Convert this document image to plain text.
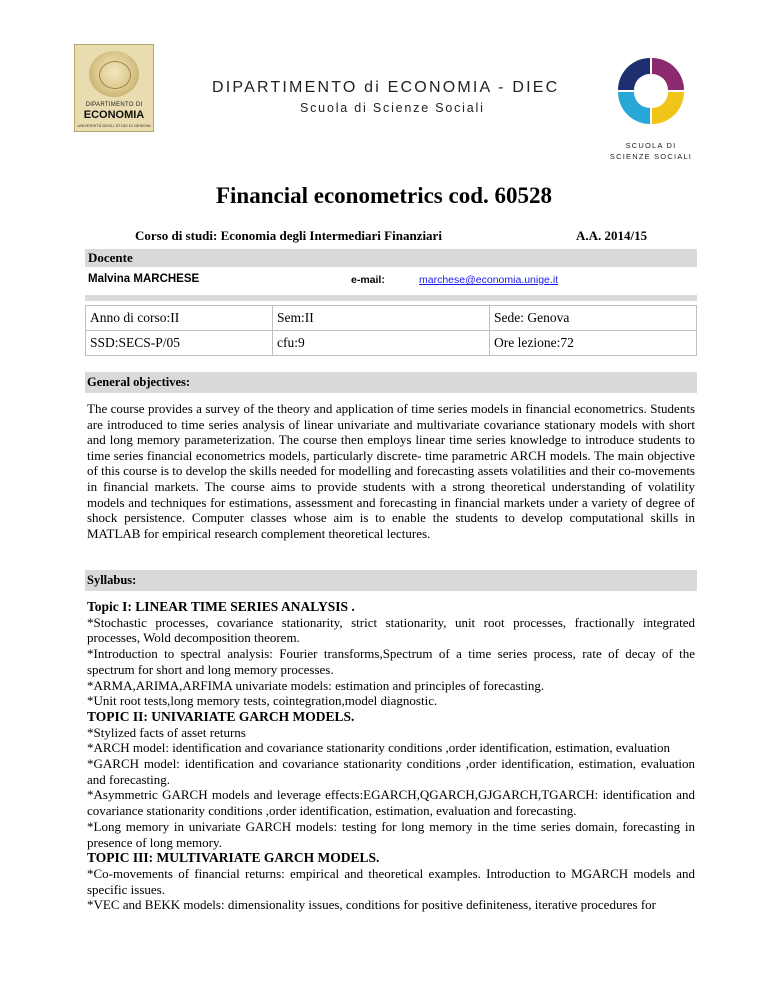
DIPARTIMENTO DI
ECONOMIA
UNIVERSITÀ DEGLI STUDI DI GENOVA
DIPARTIMENTO di ECONOMIA - DIEC
Scuola di Scienze Sociali
SCUOLA DI
SCIENZE SOCIALI
Financial econometrics cod. 60528
Corso di studi: Economia degli Intermediari Finanziari	A.A. 2014/15
Docente
Malvina MARCHESE	e-mail:	marchese@economia.unige.it
Anno di corso:II	Sem:II	Sede: Genova
SSD:SECS-P/05	cfu:9	Ore lezione:72
General objectives:
The course provides a survey of the theory and application of time series models in financial econometrics. Students are introduced to time series analysis of linear univariate and multivariate covariance stationary models with short and long memory parameterization. The course then employs linear time series knowledge to introduce students to time series financial econometrics models, particularly discrete- time parametric ARCH models. The main objective of this course is to develop the skills needed for modelling and forecasting assets volatilities and their co-movements in financial markets. The course aims to provide students with a strong theoretical understanding of volatility models and techniques for estimations, assessment and forecasting in financial markets under a variety of degree of shock persistence. Computer classes whose aim is to enable the students to develop computational skills in MATLAB for empirical research complement theoretical lectures.
Syllabus:
Topic I: LINEAR TIME SERIES ANALYSIS .
*Stochastic processes, covariance stationarity, strict stationarity, unit root processes, fractionally integrated processes, Wold decomposition theorem.
*Introduction to spectral analysis: Fourier transforms,Spectrum of a time series process, rate of decay of the spectrum for short and long memory processes.
*ARMA,ARIMA,ARFIMA univariate models: estimation and principles of forecasting.
*Unit root tests,long memory tests, cointegration,model diagnostic.
TOPIC II: UNIVARIATE GARCH MODELS.
*Stylized facts of asset returns
*ARCH model: identification and covariance stationarity conditions ,order identification, estimation, evaluation
*GARCH model: identification and covariance stationarity conditions ,order identification, estimation, evaluation and forecasting.
*Asymmetric GARCH models and leverage effects:EGARCH,QGARCH,GJGARCH,TGARCH: identification and covariance stationarity conditions ,order identification, estimation, evaluation and forecasting.
*Long memory in univariate GARCH models: testing for long memory in the time series domain, forecasting in presence of long memory.
TOPIC III: MULTIVARIATE GARCH MODELS.
*Co-movements of financial returns: empirical and theoretical examples. Introduction to MGARCH models and specific issues.
*VEC and BEKK models: dimensionality issues, conditions for positive definiteness, iterative procedures for
